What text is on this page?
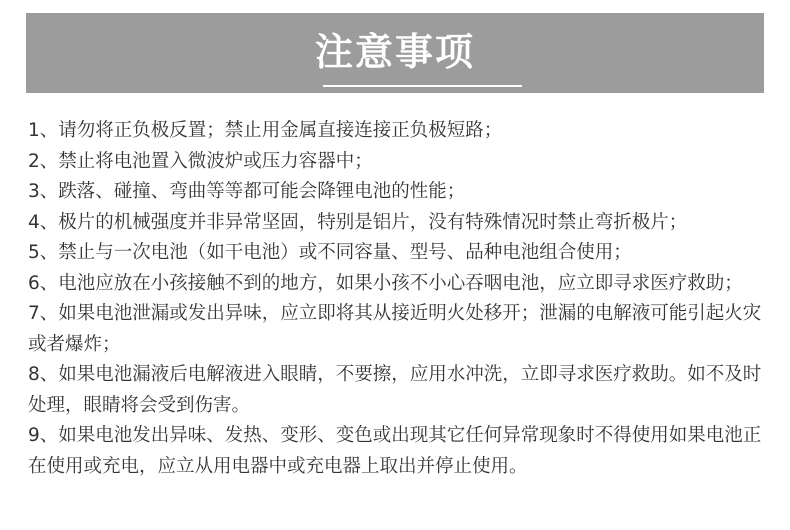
注意事项
1、请勿将正负极反置；禁止用金属直接连接正负极短路；
2、禁止将电池置入微波炉或压力容器中；
3、跌落、碰撞、弯曲等等都可能会降锂电池的性能；
4、极片的机械强度并非异常坚固，特别是铝片，没有特殊情况时禁止弯折极片；
5、禁止与一次电池（如干电池）或不同容量、型号、品种电池组合使用；
6、电池应放在小孩接触不到的地方，如果小孩不小心吞咽电池，应立即寻求医疗救助；
7、如果电池泄漏或发出异味，应立即将其从接近明火处移开；泄漏的电解液可能引起火灾或者爆炸；
8、如果电池漏液后电解液进入眼睛，不要擦，应用水冲洗，立即寻求医疗救助。如不及时处理，眼睛将会受到伤害。
9、如果电池发出异味、发热、变形、变色或出现其它任何异常现象时不得使用如果电池正在使用或充电，应立从用电器中或充电器上取出并停止使用。
